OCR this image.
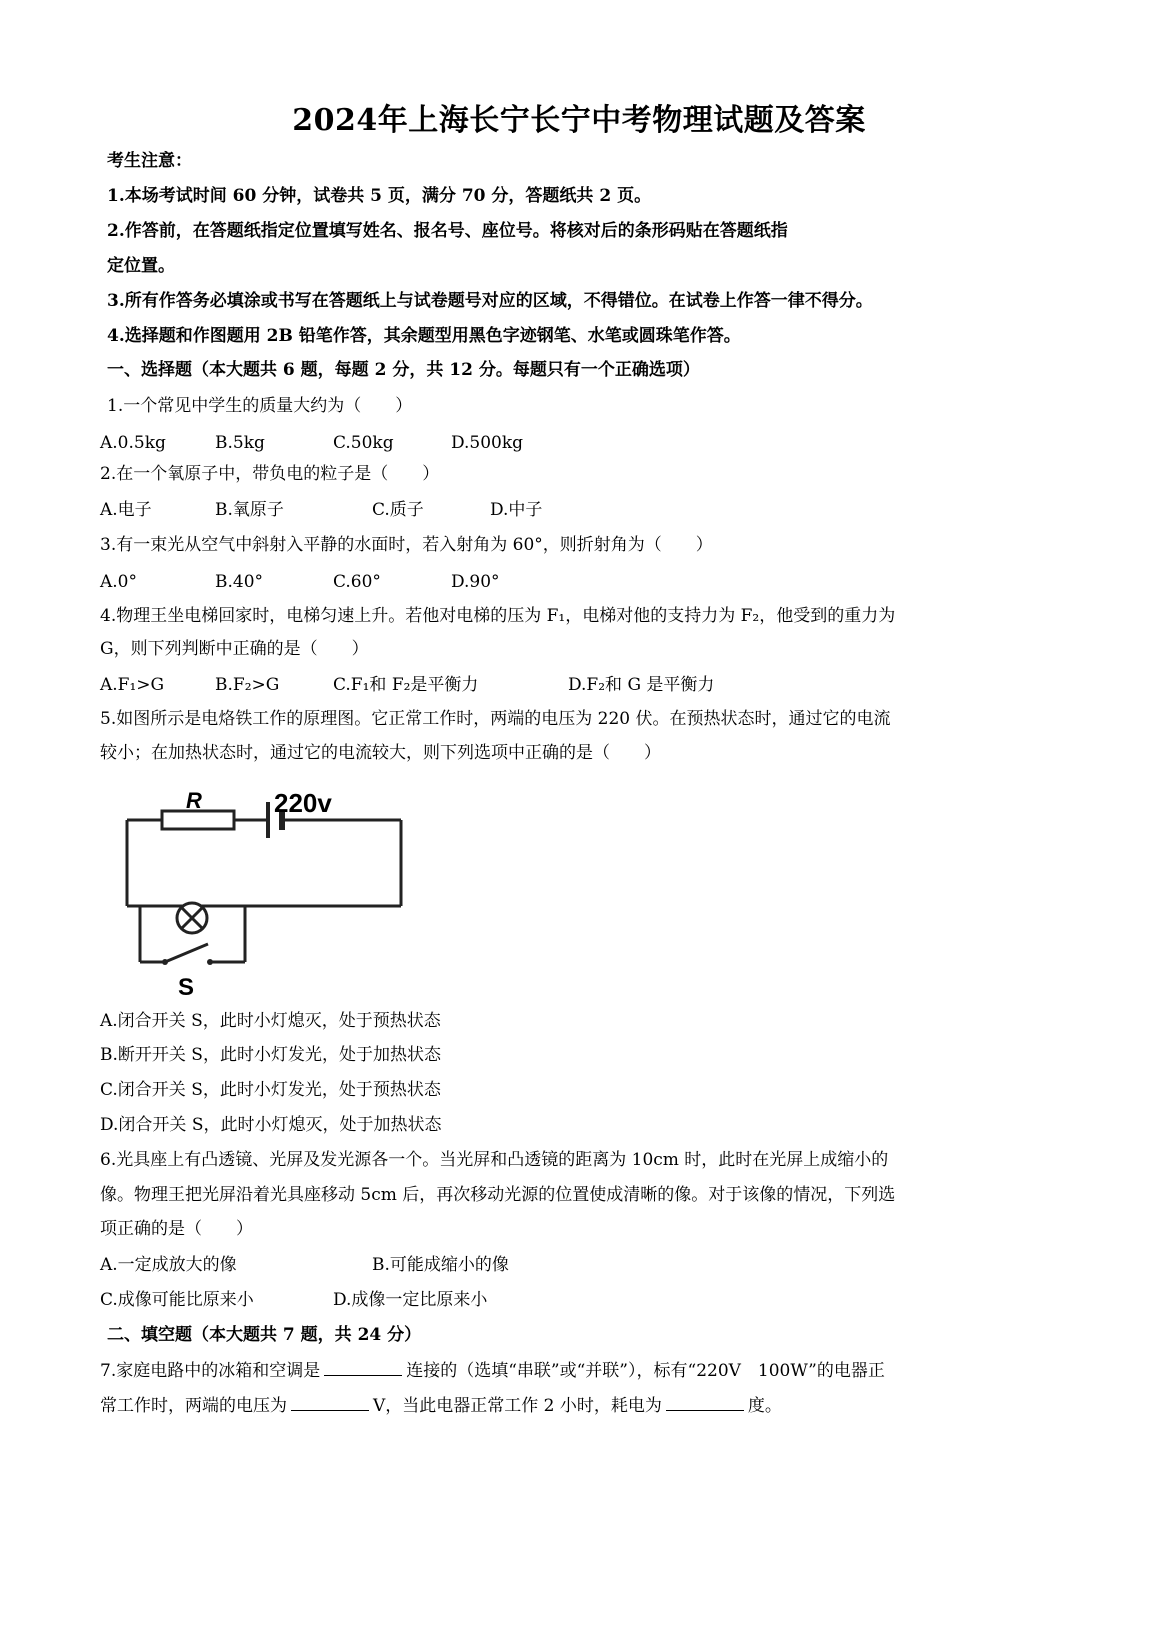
2024年上海长宁长宁中考物理试题及答案
考生注意：
1.本场考试时间 60 分钟，试卷共 5 页，满分 70 分，答题纸共 2 页。
2.作答前，在答题纸指定位置填写姓名、报名号、座位号。将核对后的条形码贴在答题纸指
定位置。
3.所有作答务必填涂或书写在答题纸上与试卷题号对应的区域，不得错位。在试卷上作答一律不得分。
4.选择题和作图题用 2B 铅笔作答，其余题型用黑色字迹钢笔、水笔或圆珠笔作答。
一、选择题（本大题共 6 题，每题 2 分，共 12 分。每题只有一个正确选项）
1.一个常见中学生的质量大约为（　　）
A.0.5kg	B.5kg	C.50kg	D.500kg
2.在一个氧原子中，带负电的粒子是（　　）
A.电子	B.氧原子	C.质子	D.中子
3.有一束光从空气中斜射入平静的水面时，若入射角为 60°，则折射角为（　　）
A.0°	B.40°	C.60°	D.90°
4.物理王坐电梯回家时，电梯匀速上升。若他对电梯的压为 F₁，电梯对他的支持力为 F₂，他受到的重力为
G，则下列判断中正确的是（　　）
A.F₁>G	B.F₂>G	C.F₁和 F₂是平衡力	D.F₂和 G 是平衡力
5.如图所示是电烙铁工作的原理图。它正常工作时，两端的电压为 220 伏。在预热状态时，通过它的电流
较小；在加热状态时，通过它的电流较大，则下列选项中正确的是（　　）
R	220v
S
A.闭合开关 S，此时小灯熄灭，处于预热状态
B.断开开关 S，此时小灯发光，处于加热状态
C.闭合开关 S，此时小灯发光，处于预热状态
D.闭合开关 S，此时小灯熄灭，处于加热状态
6.光具座上有凸透镜、光屏及发光源各一个。当光屏和凸透镜的距离为 10cm 时，此时在光屏上成缩小的
像。物理王把光屏沿着光具座移动 5cm 后，再次移动光源的位置使成清晰的像。对于该像的情况，下列选
项正确的是（　　）
A.一定成放大的像	B.可能成缩小的像
C.成像可能比原来小	D.成像一定比原来小
二、填空题（本大题共 7 题，共 24 分）
7.家庭电路中的冰箱和空调是	连接的（选填“串联”或“并联”），标有“220V　100W”的电器正
常工作时，两端的电压为	V，当此电器正常工作 2 小时，耗电为	度。
